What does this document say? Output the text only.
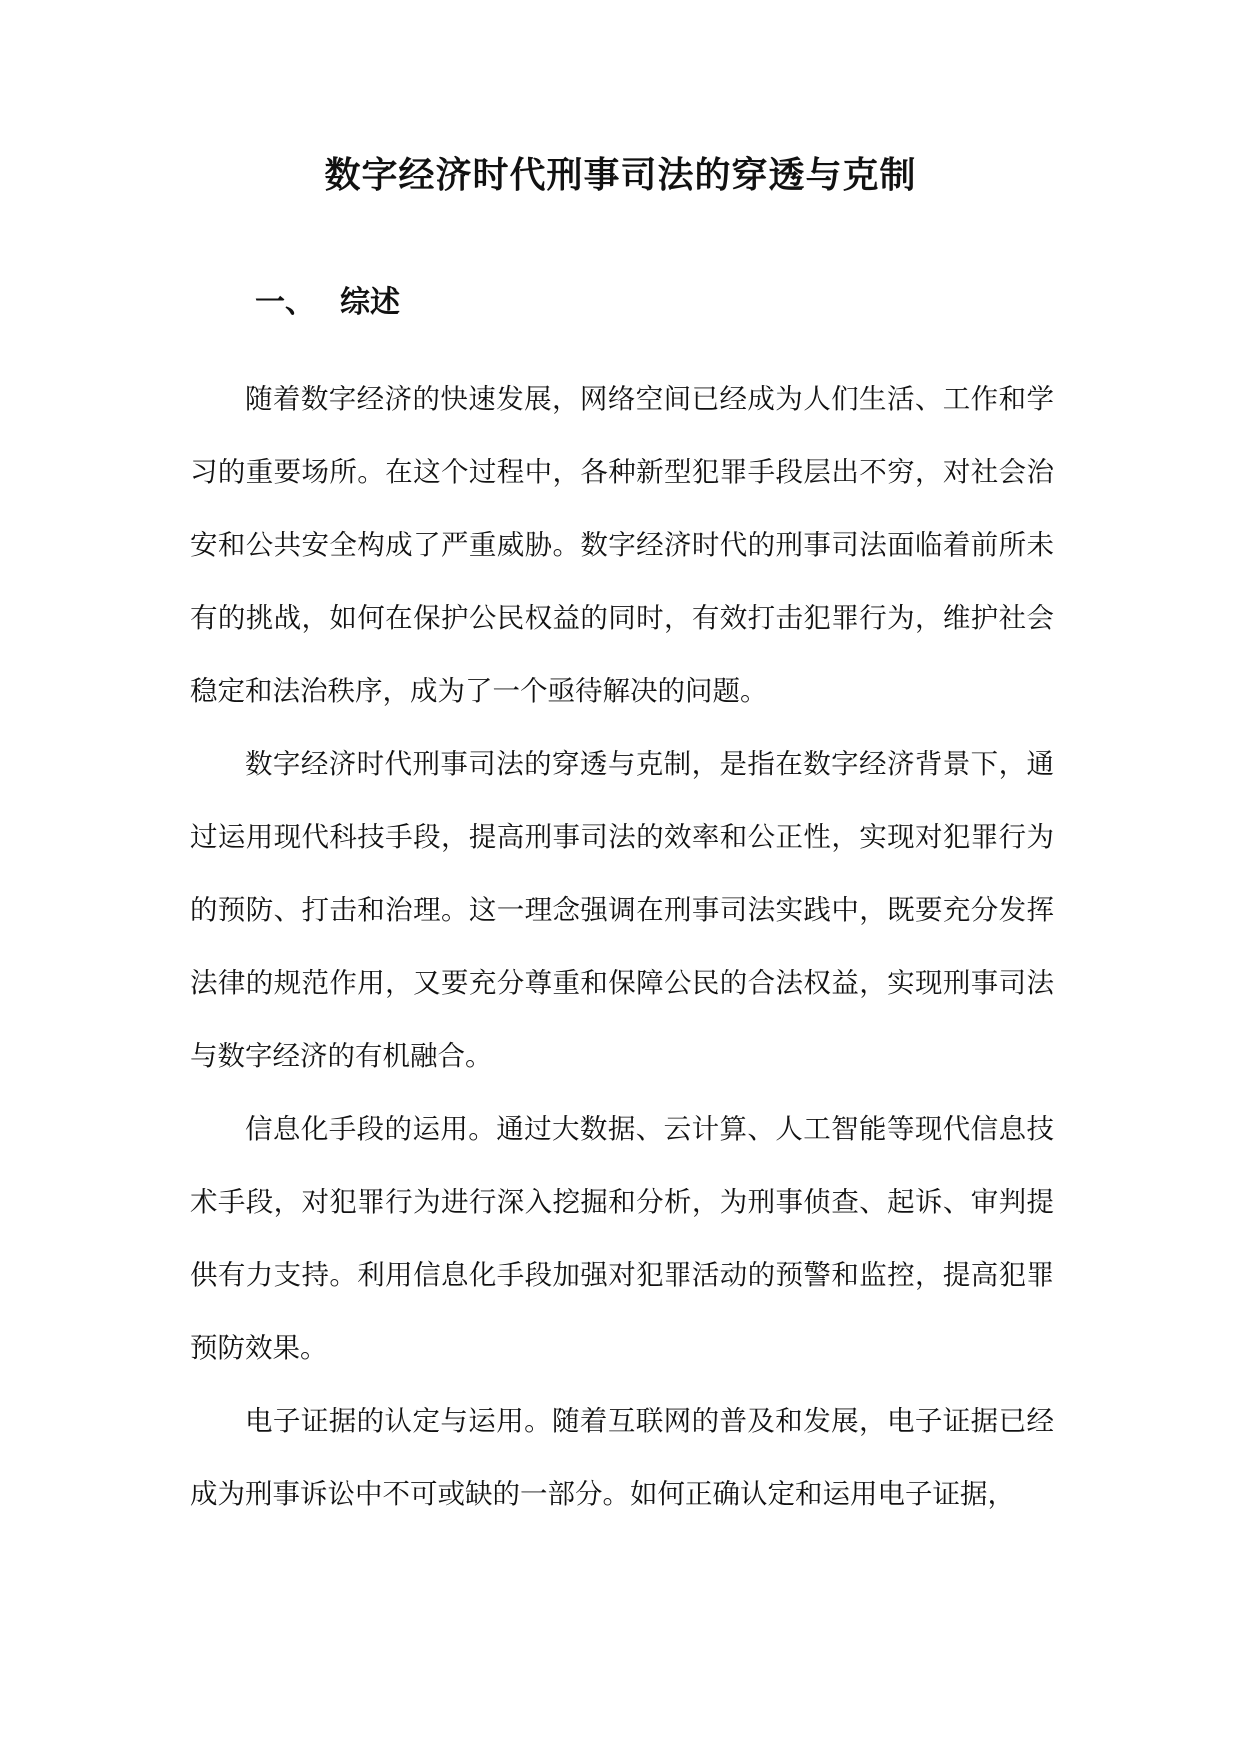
数字经济时代刑事司法的穿透与克制
一、 综述

随着数字经济的快速发展，网络空间已经成为人们生活、工作和学习的重要场所。在这个过程中，各种新型犯罪手段层出不穷，对社会治安和公共安全构成了严重威胁。数字经济时代的刑事司法面临着前所未有的挑战，如何在保护公民权益的同时，有效打击犯罪行为，维护社会稳定和法治秩序，成为了一个亟待解决的问题。

数字经济时代刑事司法的穿透与克制，是指在数字经济背景下，通过运用现代科技手段，提高刑事司法的效率和公正性，实现对犯罪行为的预防、打击和治理。这一理念强调在刑事司法实践中，既要充分发挥法律的规范作用，又要充分尊重和保障公民的合法权益，实现刑事司法与数字经济的有机融合。

信息化手段的运用。通过大数据、云计算、人工智能等现代信息技术手段，对犯罪行为进行深入挖掘和分析，为刑事侦查、起诉、审判提供有力支持。利用信息化手段加强对犯罪活动的预警和监控，提高犯罪预防效果。

电子证据的认定与运用。随着互联网的普及和发展，电子证据已经成为刑事诉讼中不可或缺的一部分。如何正确认定和运用电子证据，
